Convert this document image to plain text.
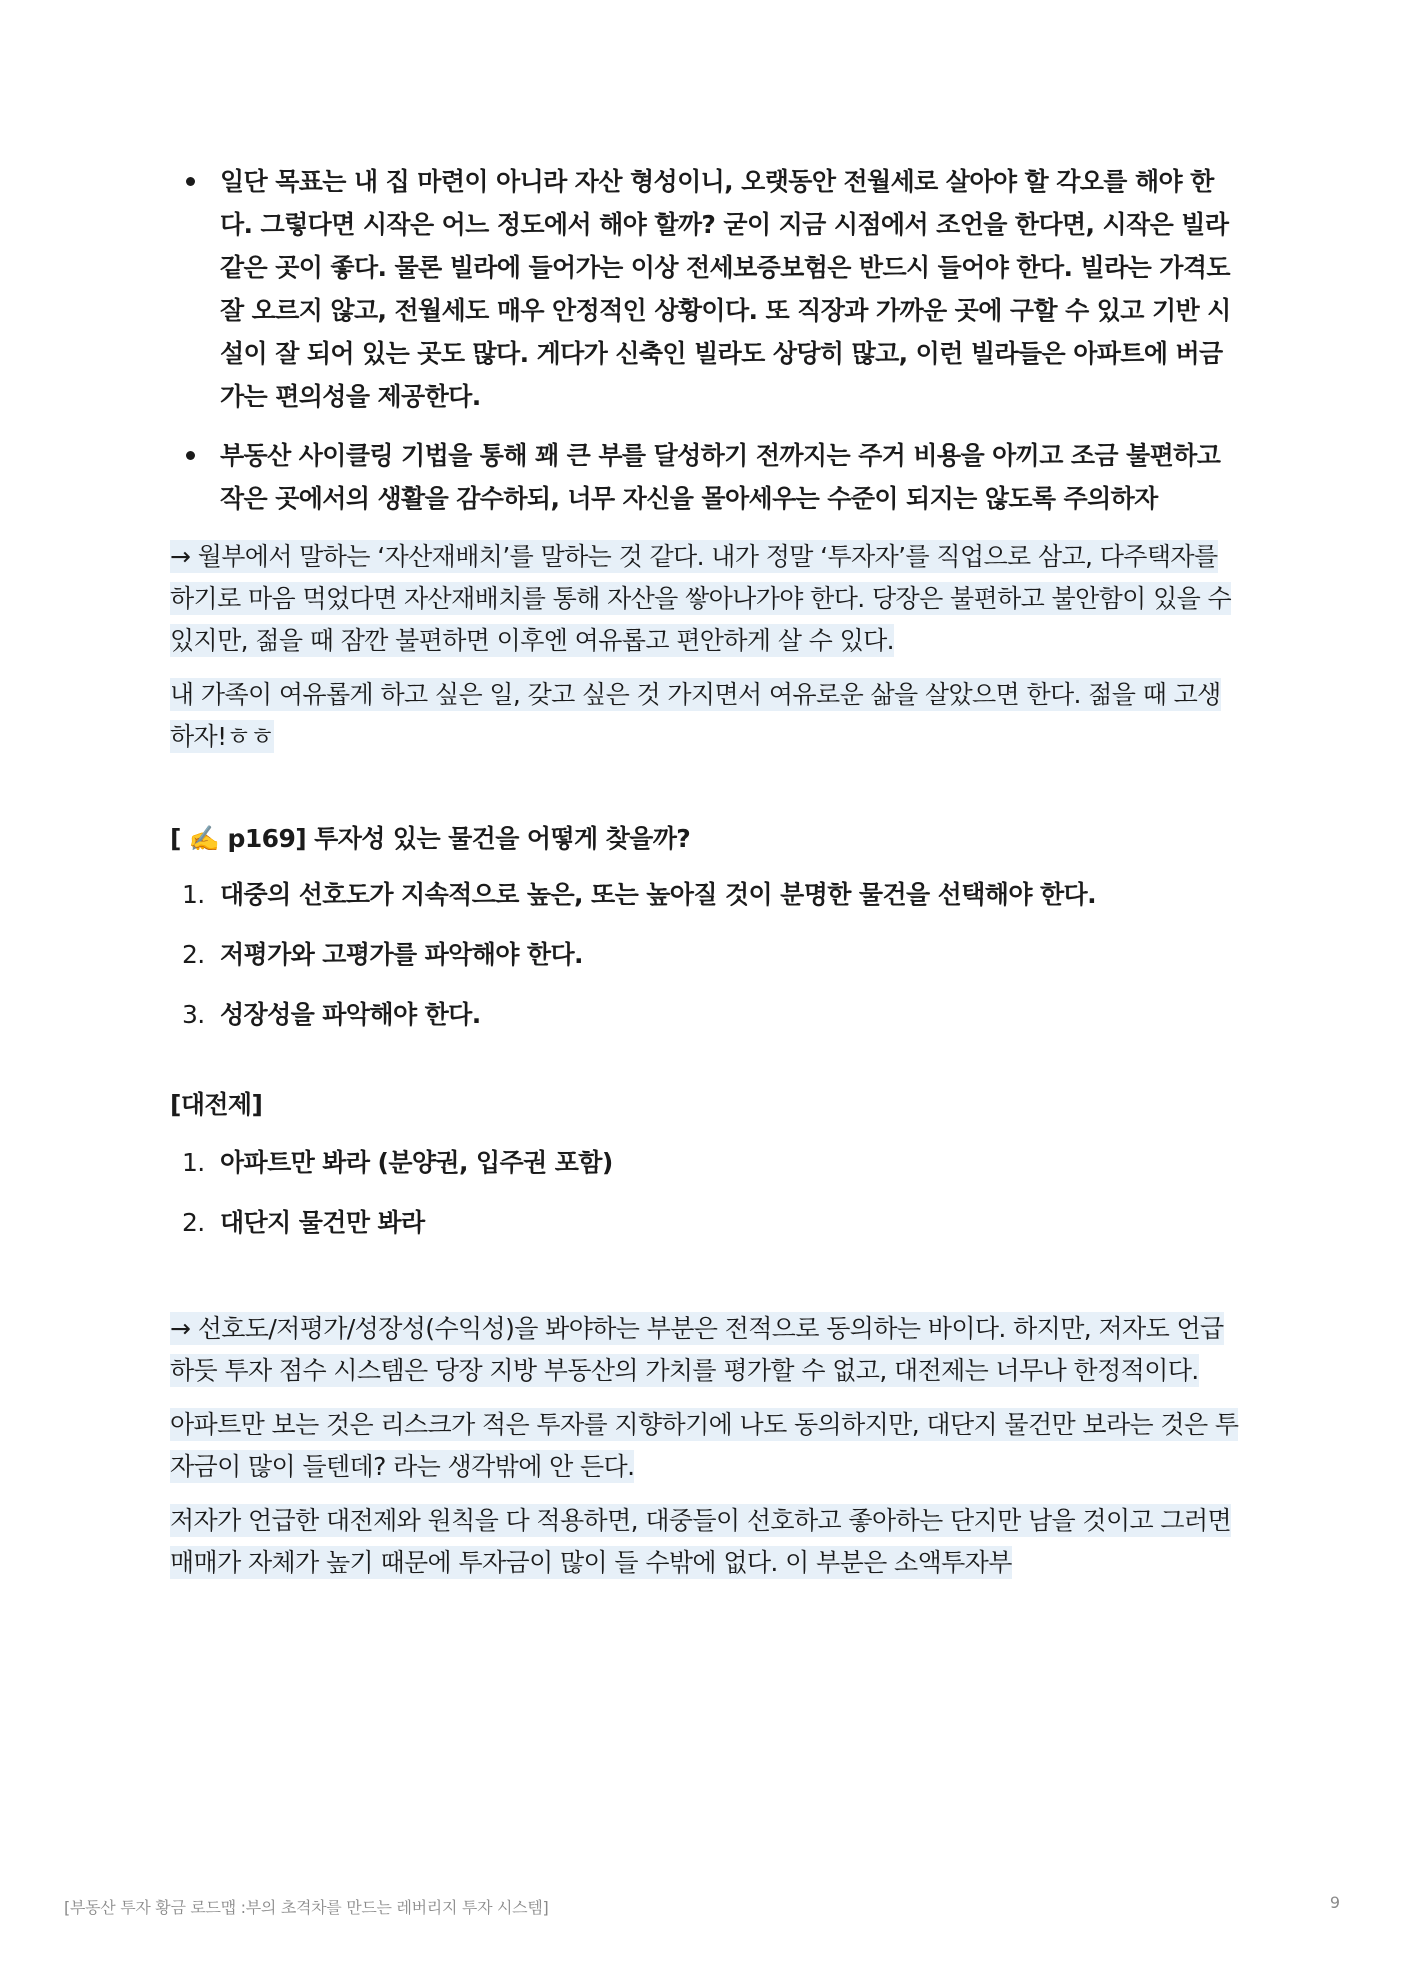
일단 목표는 내 집 마련이 아니라 자산 형성이니, 오랫동안 전월세로 살아야 할 각오를 해야 한다. 그렇다면 시작은 어느 정도에서 해야 할까? 굳이 지금 시점에서 조언을 한다면, 시작은 빌라 같은 곳이 좋다. 물론 빌라에 들어가는 이상 전세보증보험은 반드시 들어야 한다. 빌라는 가격도 잘 오르지 않고, 전월세도 매우 안정적인 상황이다. 또 직장과 가까운 곳에 구할 수 있고 기반 시설이 잘 되어 있는 곳도 많다. 게다가 신축인 빌라도 상당히 많고, 이런 빌라들은 아파트에 버금가는 편의성을 제공한다.
부동산 사이클링 기법을 통해 꽤 큰 부를 달성하기 전까지는 주거 비용을 아끼고 조금 불편하고 작은 곳에서의 생활을 감수하되, 너무 자신을 몰아세우는 수준이 되지는 않도록 주의하자

→ 월부에서 말하는 ‘자산재배치’를 말하는 것 같다. 내가 정말 ‘투자자’를 직업으로 삼고, 다주택자를 하기로 마음 먹었다면 자산재배치를 통해 자산을 쌓아나가야 한다. 당장은 불편하고 불안함이 있을 수 있지만, 젊을 때 잠깐 불편하면 이후엔 여유롭고 편안하게 살 수 있다.

내 가족이 여유롭게 하고 싶은 일, 갖고 싶은 것 가지면서 여유로운 삶을 살았으면 한다. 젊을 때 고생하자!ㅎㅎ

[ ✍️ p169] 투자성 있는 물건을 어떻게 찾을까?

1. 대중의 선호도가 지속적으로 높은, 또는 높아질 것이 분명한 물건을 선택해야 한다.
2. 저평가와 고평가를 파악해야 한다.
3. 성장성을 파악해야 한다.

[대전제]

1. 아파트만 봐라 (분양권, 입주권 포함)
2. 대단지 물건만 봐라

→ 선호도/저평가/성장성(수익성)을 봐야하는 부분은 전적으로 동의하는 바이다. 하지만, 저자도 언급하듯 투자 점수 시스템은 당장 지방 부동산의 가치를 평가할 수 없고, 대전제는 너무나 한정적이다.

아파트만 보는 것은 리스크가 적은 투자를 지향하기에 나도 동의하지만, 대단지 물건만 보라는 것은 투자금이 많이 들텐데? 라는 생각밖에 안 든다.

저자가 언급한 대전제와 원칙을 다 적용하면, 대중들이 선호하고 좋아하는 단지만 남을 것이고 그러면 매매가 자체가 높기 때문에 투자금이 많이 들 수밖에 없다. 이 부분은 소액투자부

[부동산 투자 황금 로드맵 :부의 초격차를 만드는 레버리지 투자 시스템]	9
